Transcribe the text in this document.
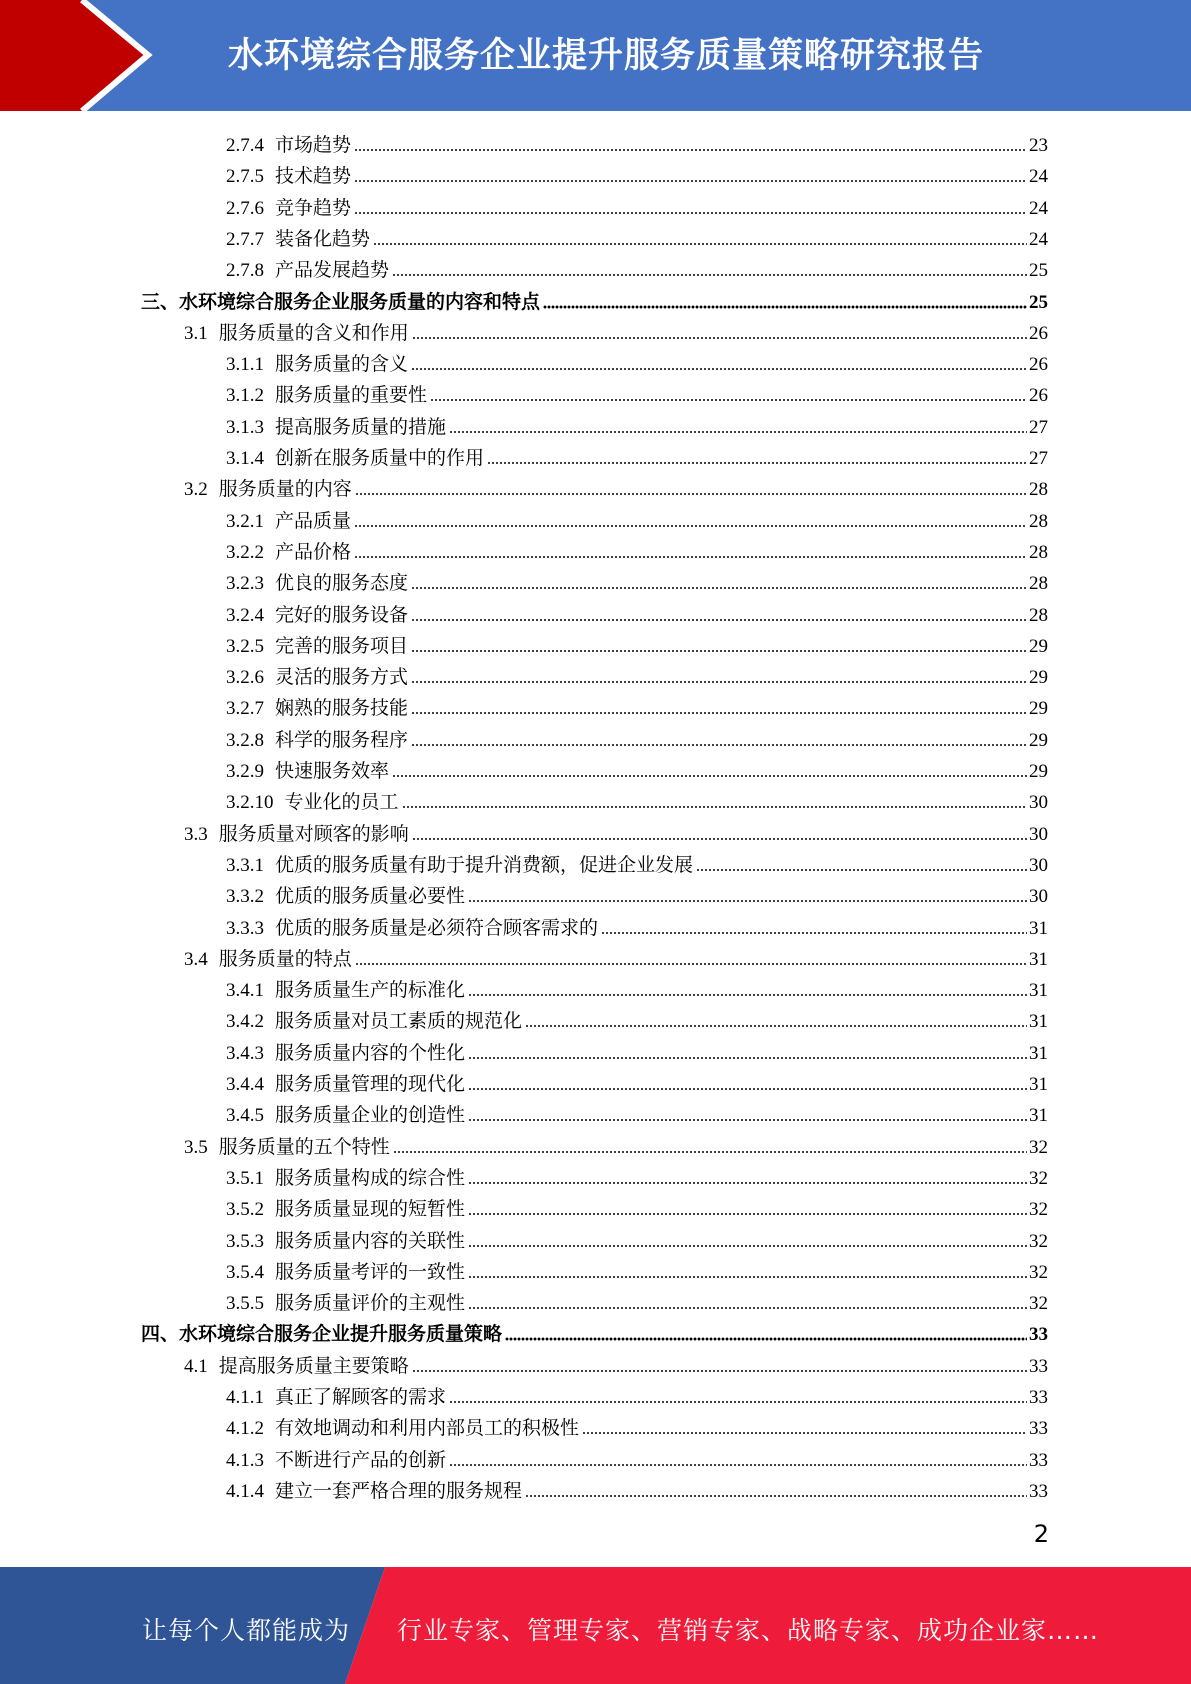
水环境综合服务企业提升服务质量策略研究报告
2.7.4 市场趋势	23
2.7.5 技术趋势	24
2.7.6 竞争趋势	24
2.7.7 装备化趋势	24
2.7.8 产品发展趋势	25
三、水环境综合服务企业服务质量的内容和特点	25
3.1 服务质量的含义和作用	26
3.1.1 服务质量的含义	26
3.1.2 服务质量的重要性	26
3.1.3 提高服务质量的措施	27
3.1.4 创新在服务质量中的作用	27
3.2 服务质量的内容	28
3.2.1 产品质量	28
3.2.2 产品价格	28
3.2.3 优良的服务态度	28
3.2.4 完好的服务设备	28
3.2.5 完善的服务项目	29
3.2.6 灵活的服务方式	29
3.2.7 娴熟的服务技能	29
3.2.8 科学的服务程序	29
3.2.9 快速服务效率	29
3.2.10 专业化的员工	30
3.3 服务质量对顾客的影响	30
3.3.1 优质的服务质量有助于提升消费额，促进企业发展	30
3.3.2 优质的服务质量必要性	30
3.3.3 优质的服务质量是必须符合顾客需求的	31
3.4 服务质量的特点	31
3.4.1 服务质量生产的标准化	31
3.4.2 服务质量对员工素质的规范化	31
3.4.3 服务质量内容的个性化	31
3.4.4 服务质量管理的现代化	31
3.4.5 服务质量企业的创造性	31
3.5 服务质量的五个特性	32
3.5.1 服务质量构成的综合性	32
3.5.2 服务质量显现的短暂性	32
3.5.3 服务质量内容的关联性	32
3.5.4 服务质量考评的一致性	32
3.5.5 服务质量评价的主观性	32
四、水环境综合服务企业提升服务质量策略	33
4.1 提高服务质量主要策略	33
4.1.1 真正了解顾客的需求	33
4.1.2 有效地调动和利用内部员工的积极性	33
4.1.3 不断进行产品的创新	33
4.1.4 建立一套严格合理的服务规程	33
2
让每个人都能成为 行业专家、管理专家、营销专家、战略专家、成功企业家……
